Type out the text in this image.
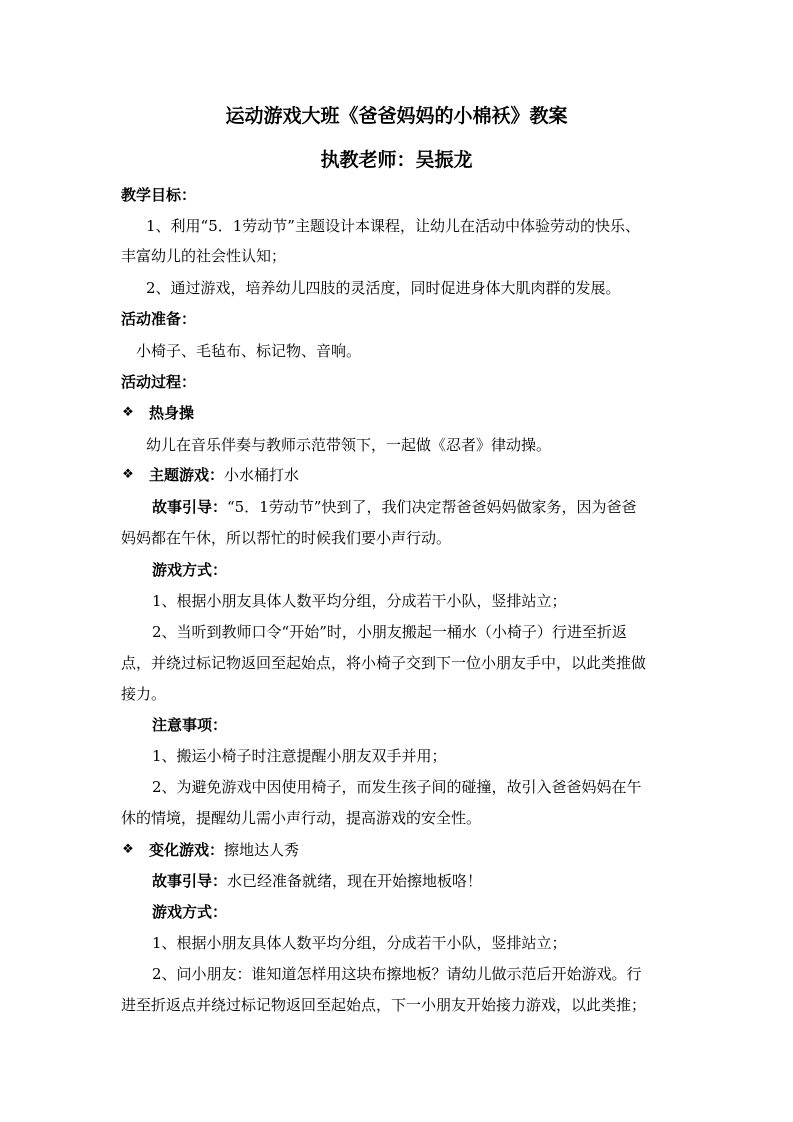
运动游戏大班《爸爸妈妈的小棉袄》教案
执教老师：吴振龙
教学目标：
1、利用“5．1劳动节”主题设计本课程，让幼儿在活动中体验劳动的快乐、
丰富幼儿的社会性认知；
2、通过游戏，培养幼儿四肢的灵活度，同时促进身体大肌肉群的发展。
活动准备：
小椅子、毛毡布、标记物、音响。
活动过程：
❖ 热身操
幼儿在音乐伴奏与教师示范带领下，一起做《忍者》律动操。
❖ 主题游戏：小水桶打水
故事引导：“5．1劳动节”快到了，我们决定帮爸爸妈妈做家务，因为爸爸
妈妈都在午休，所以帮忙的时候我们要小声行动。
游戏方式：
1、根据小朋友具体人数平均分组，分成若干小队，竖排站立；
2、当听到教师口令“开始”时，小朋友搬起一桶水（小椅子）行进至折返
点，并绕过标记物返回至起始点，将小椅子交到下一位小朋友手中，以此类推做
接力。
注意事项：
1、搬运小椅子时注意提醒小朋友双手并用；
2、为避免游戏中因使用椅子，而发生孩子间的碰撞，故引入爸爸妈妈在午
休的情境，提醒幼儿需小声行动，提高游戏的安全性。
❖ 变化游戏：擦地达人秀
故事引导：水已经准备就绪，现在开始擦地板咯！
游戏方式：
1、根据小朋友具体人数平均分组，分成若干小队，竖排站立；
2、问小朋友：谁知道怎样用这块布擦地板？请幼儿做示范后开始游戏。行
进至折返点并绕过标记物返回至起始点，下一小朋友开始接力游戏，以此类推；
